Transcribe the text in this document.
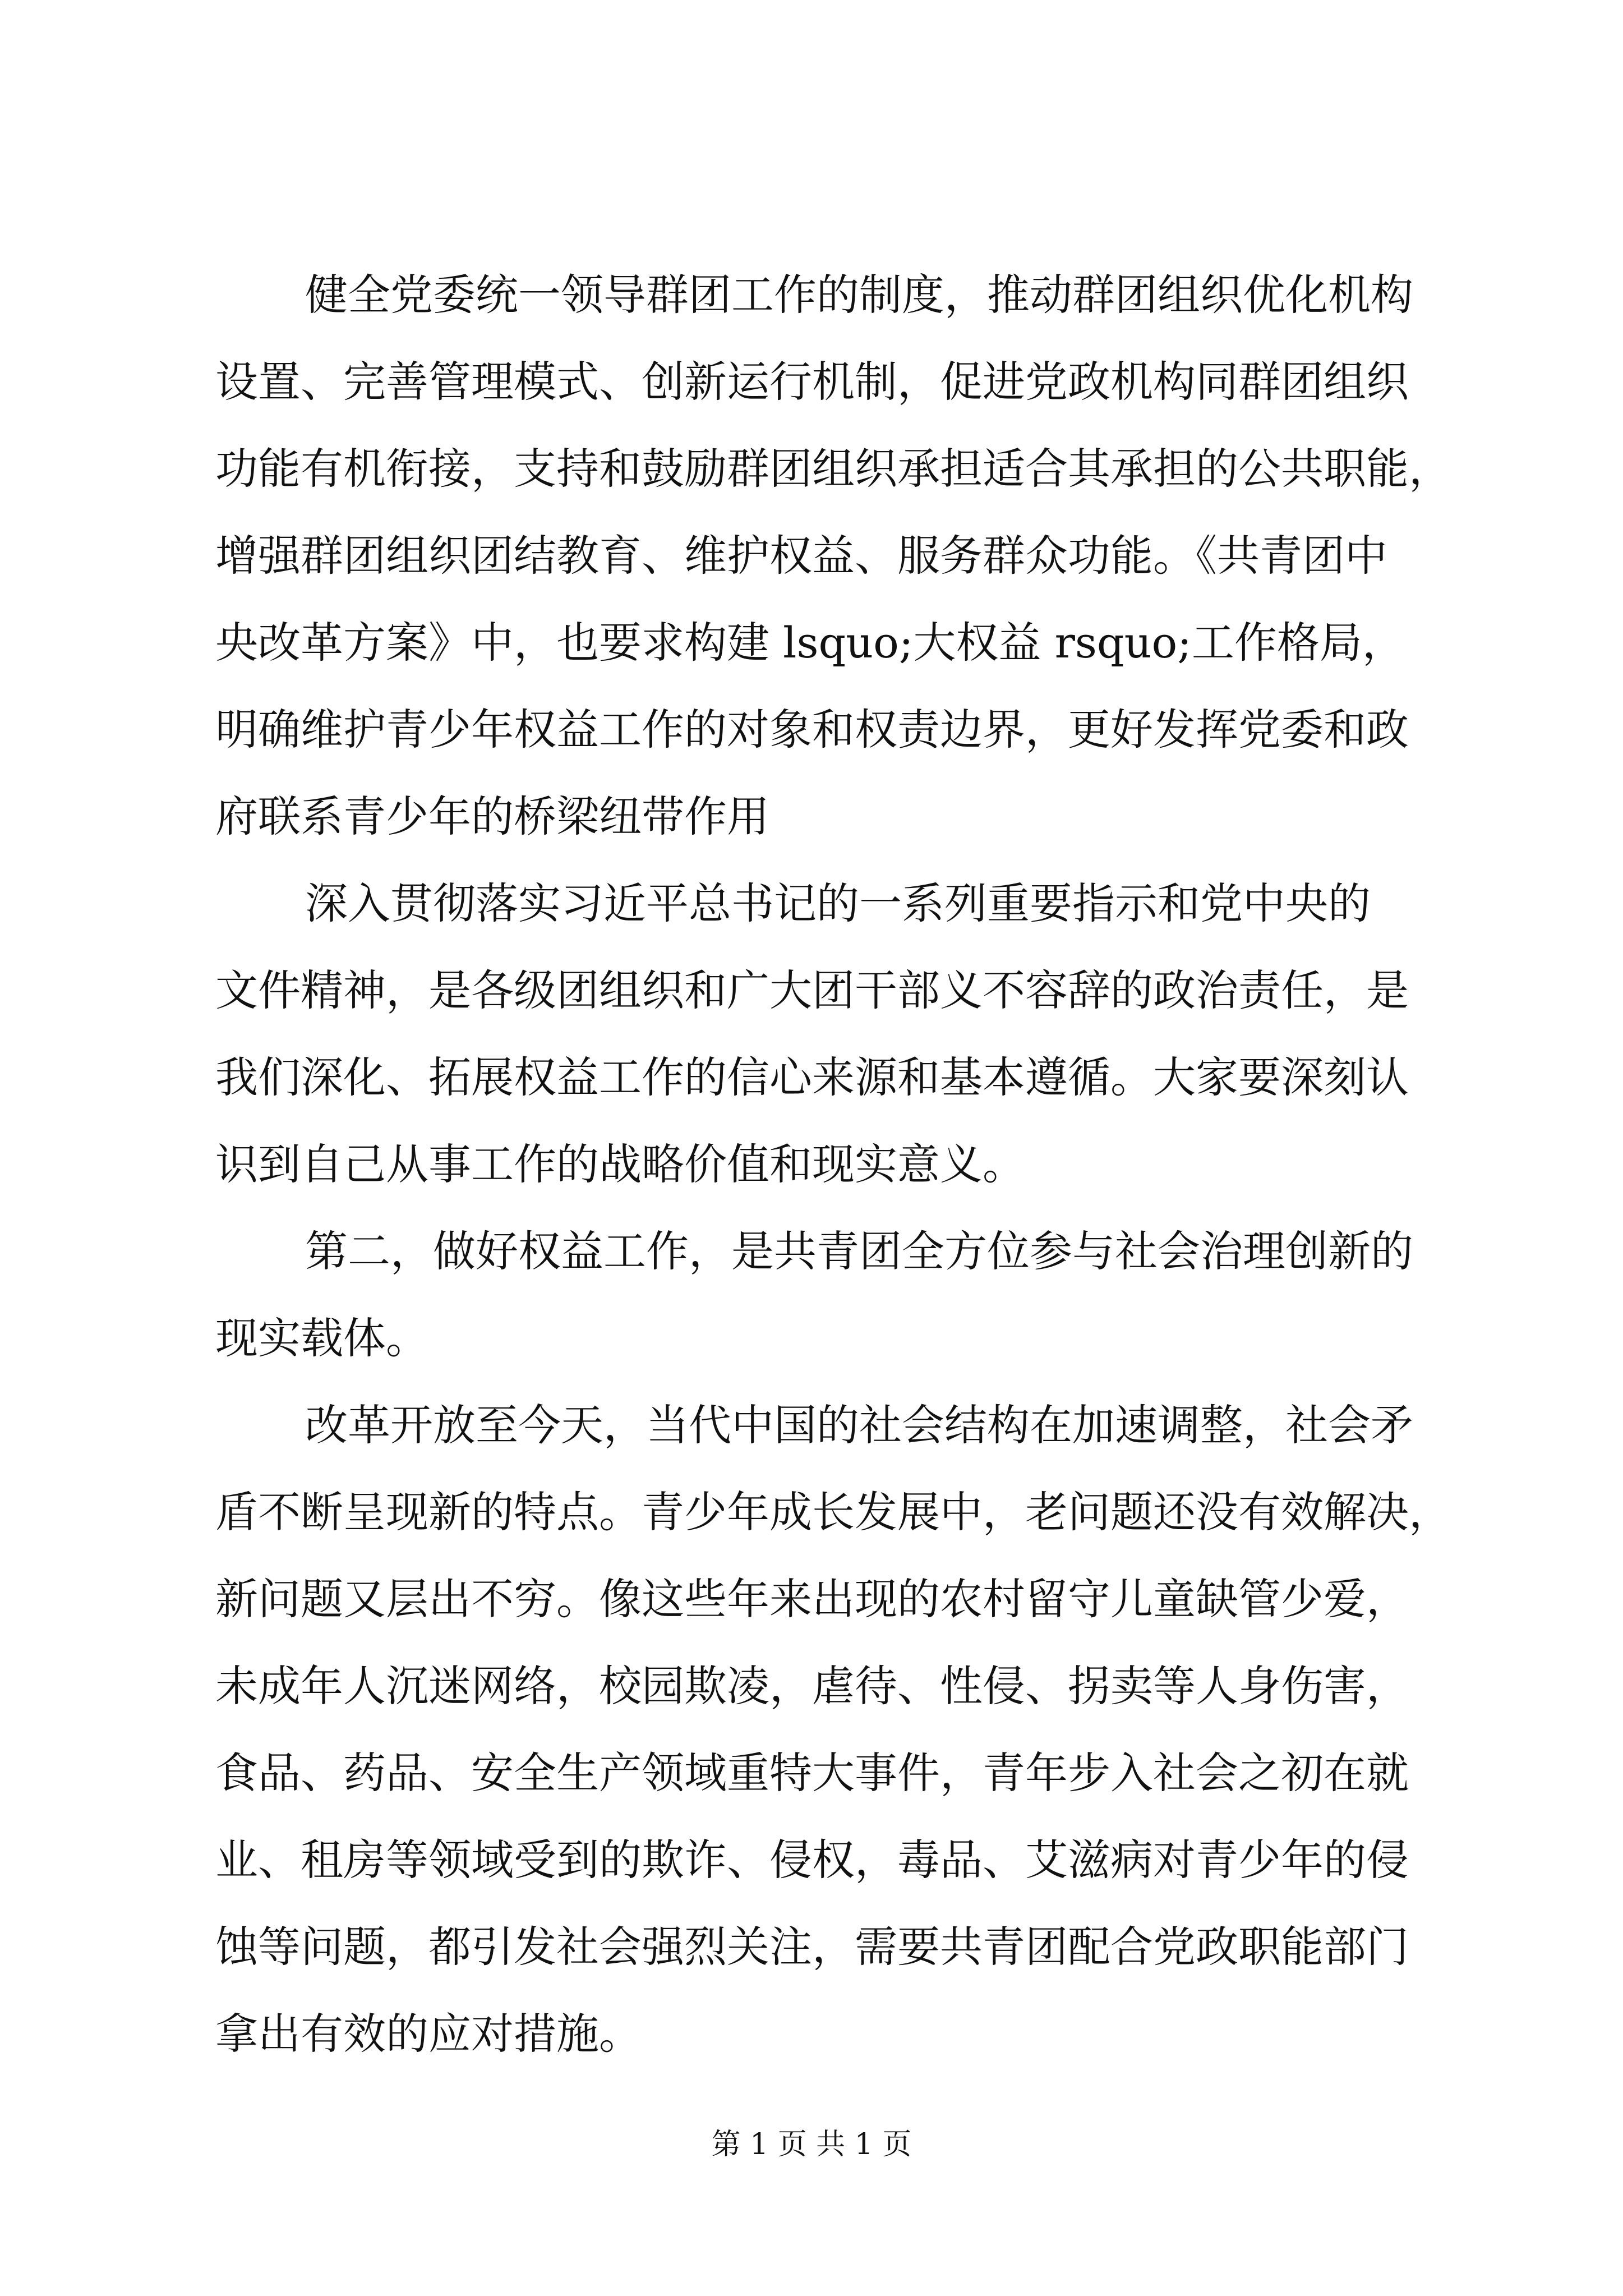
健全党委统一领导群团工作的制度，推动群团组织优化机构
设置、完善管理模式、创新运行机制，促进党政机构同群团组织
功能有机衔接，支持和鼓励群团组织承担适合其承担的公共职能，
增强群团组织团结教育、维护权益、服务群众功能。《共青团中
央改革方案》中，也要求构建 lsquo;大权益 rsquo;工作格局，
明确维护青少年权益工作的对象和权责边界，更好发挥党委和政
府联系青少年的桥梁纽带作用
深入贯彻落实习近平总书记的一系列重要指示和党中央的
文件精神，是各级团组织和广大团干部义不容辞的政治责任，是
我们深化、拓展权益工作的信心来源和基本遵循。大家要深刻认
识到自己从事工作的战略价值和现实意义。
第二，做好权益工作，是共青团全方位参与社会治理创新的
现实载体。
改革开放至今天，当代中国的社会结构在加速调整，社会矛
盾不断呈现新的特点。青少年成长发展中，老问题还没有效解决，
新问题又层出不穷。像这些年来出现的农村留守儿童缺管少爱，
未成年人沉迷网络，校园欺凌，虐待、性侵、拐卖等人身伤害，
食品、药品、安全生产领域重特大事件，青年步入社会之初在就
业、租房等领域受到的欺诈、侵权，毒品、艾滋病对青少年的侵
蚀等问题，都引发社会强烈关注，需要共青团配合党政职能部门
拿出有效的应对措施。
第 1 页 共 1 页
